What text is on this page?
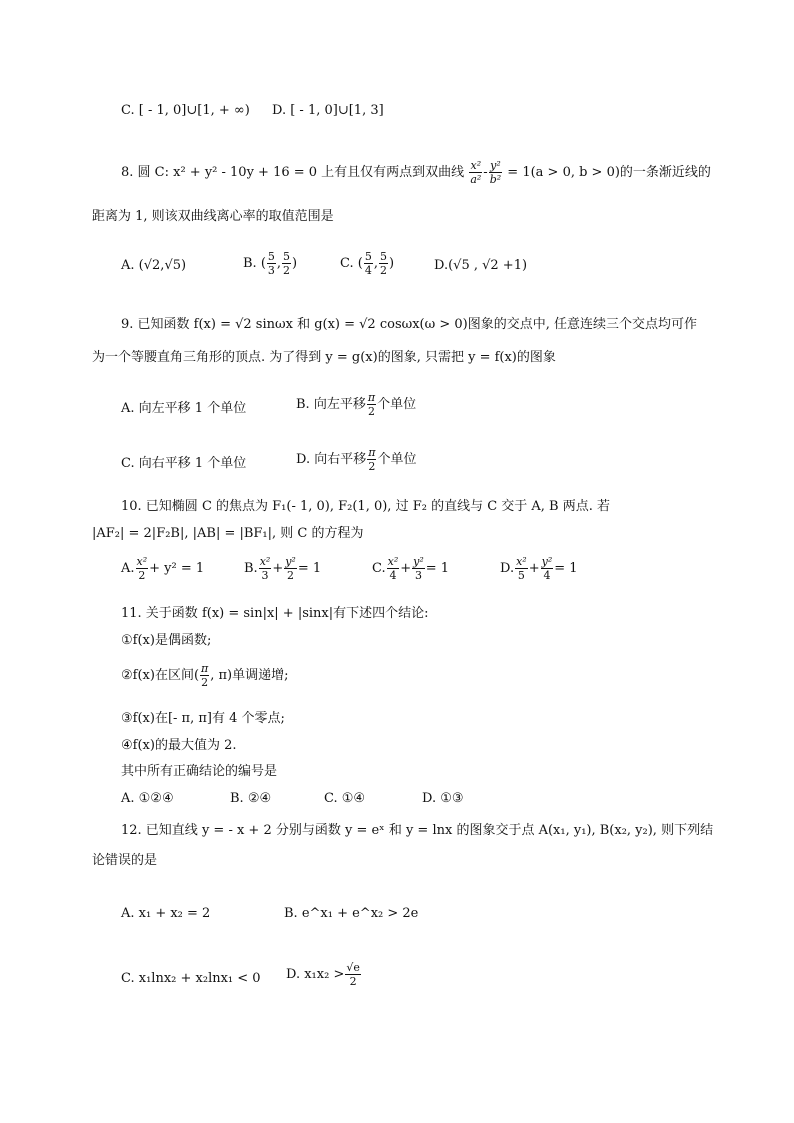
C. [ - 1, 0]∪[1, + ∞) D. [ - 1, 0]∪[1, 3]
8. 圆 C: x² + y² - 10y + 16 = 0 上有且仅有两点到双曲线 $\frac{\text{x²}}{\text{a²}} - \frac{\text{y²}}{\text{b²}} = 1(a > 0$, b > 0)的一条渐近线的
距离为 1, 则该双曲线离心率的取值范围是
A. (√2,√5)	B. ( $\frac{5}{3}$ , $\frac{5}{2}$ )	C. ( $\frac{5}{4}$ , $\frac{5}{2}$ )	D.(√5 , √2 +1)
9. 已知函数 f(x) = √2 sinωx 和 g(x) = √2 cosωx(ω > 0)图象的交点中, 任意连续三个交点均可作
为一个等腰直角三角形的顶点. 为了得到 y = g(x)的图象, 只需把 y = f(x)的图象
A. 向左平移 1 个单位	B. 向左平移 $\frac{\pi}{2}$ 个单位
C. 向右平移 1 个单位	D. 向右平移 $\frac{\pi}{2}$ 个单位
10. 已知椭圆 C 的焦点为 F₁(- 1, 0), F₂(1, 0), 过 F₂ 的直线与 C 交于 A, B 两点. 若
|AF₂| = 2|F₂B|, |AB| = |BF₁|, 则 C 的方程为
A. $\frac{\text{x²}}{2} + y^2 = 1$	B. $\frac{\text{x²}}{3} + \frac{\text{y²}}{2} = 1$	C. $\frac{\text{x²}}{4} + \frac{\text{y²}}{3} = 1$	D. $\frac{\text{x²}}{5} + \frac{\text{y²}}{4} = 1$
11. 关于函数 f(x) = sin|x| + |sinx|有下述四个结论:
①f(x)是偶函数;
②f(x)在区间( $\frac{\pi}{2}$ , π)单调递增;
③f(x)在[- π, π]有 4 个零点;
④f(x)的最大值为 2.
其中所有正确结论的编号是
A. ①②④	B. ②④	C. ①④	D. ①③
12. 已知直线 y = - x + 2 分别与函数 y = eˣ 和 y = lnx 的图象交于点 A(x₁, y₁), B(x₂, y₂), 则下列结
论错误的是
A. x₁ + x₂ = 2	B. e^x₁ + e^x₂ > 2e
C. x₁lnx₂ + x₂lnx₁ < 0 D. $x_1x_2 > \frac{√e}{2}$
